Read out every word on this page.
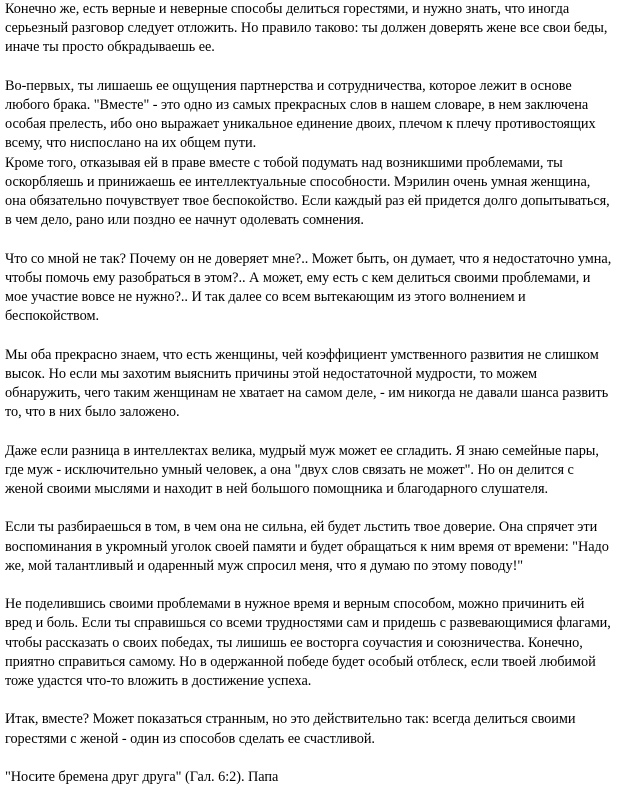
Конечно же, есть верные и неверные способы делиться горестями, и нужно знать, что иногда серьезный разговор следует отложить. Но правило таково: ты должен доверять жене все свои беды, иначе ты просто обкрадываешь ее.

Во-первых, ты лишаешь ее ощущения партнерства и сотрудничества, которое лежит в основе любого брака. "Вместе" - это одно из самых прекрасных слов в нашем словаре, в нем заключена особая прелесть, ибо оно выражает уникальное единение двоих, плечом к плечу противостоящих всему, что ниспослано на их общем пути.

Кроме того, отказывая ей в праве вместе с тобой подумать над возникшими проблемами, ты оскорбляешь и принижаешь ее интеллектуальные способности. Мэрилин очень умная женщина, она обязательно почувствует твое беспокойство. Если каждый раз ей придется долго допытываться, в чем дело, рано или поздно ее начнут одолевать сомнения.

Что со мной не так? Почему он не доверяет мне?.. Может быть, он думает, что я недостаточно умна, чтобы помочь ему разобраться в этом?.. А может, ему есть с кем делиться своими проблемами, и мое участие вовсе не нужно?.. И так далее со всем вытекающим из этого волнением и беспокойством.

Мы оба прекрасно знаем, что есть женщины, чей коэффициент умственного развития не слишком высок. Но если мы захотим выяснить причины этой недостаточной мудрости, то можем обнаружить, чего таким женщинам не хватает на самом деле, - им никогда не давали шанса развить то, что в них было заложено.

Даже если разница в интеллектах велика, мудрый муж может ее сгладить. Я знаю семейные пары, где муж - исключительно умный человек, а она "двух слов связать не может". Но он делится с женой своими мыслями и находит в ней большого помощника и благодарного слушателя.

Если ты разбираешься в том, в чем она не сильна, ей будет льстить твое доверие. Она спрячет эти воспоминания в укромный уголок своей памяти и будет обращаться к ним время от времени: "Надо же, мой талантливый и одаренный муж спросил меня, что я думаю по этому поводу!"

Не поделившись своими проблемами в нужное время и верным способом, можно причинить ей вред и боль. Если ты справишься со всеми трудностями сам и придешь с развевающимися флагами, чтобы рассказать о своих победах, ты лишишь ее восторга соучастия и союзничества. Конечно, приятно справиться самому. Но в одержанной победе будет особый отблеск, если твоей любимой тоже удастся что-то вложить в достижение успеха.

Итак, вместе? Может показаться странным, но это действительно так: всегда делиться своими горестями с женой - один из способов сделать ее счастливой.

"Носите бремена друг друга" (Гал. 6:2). Папа
